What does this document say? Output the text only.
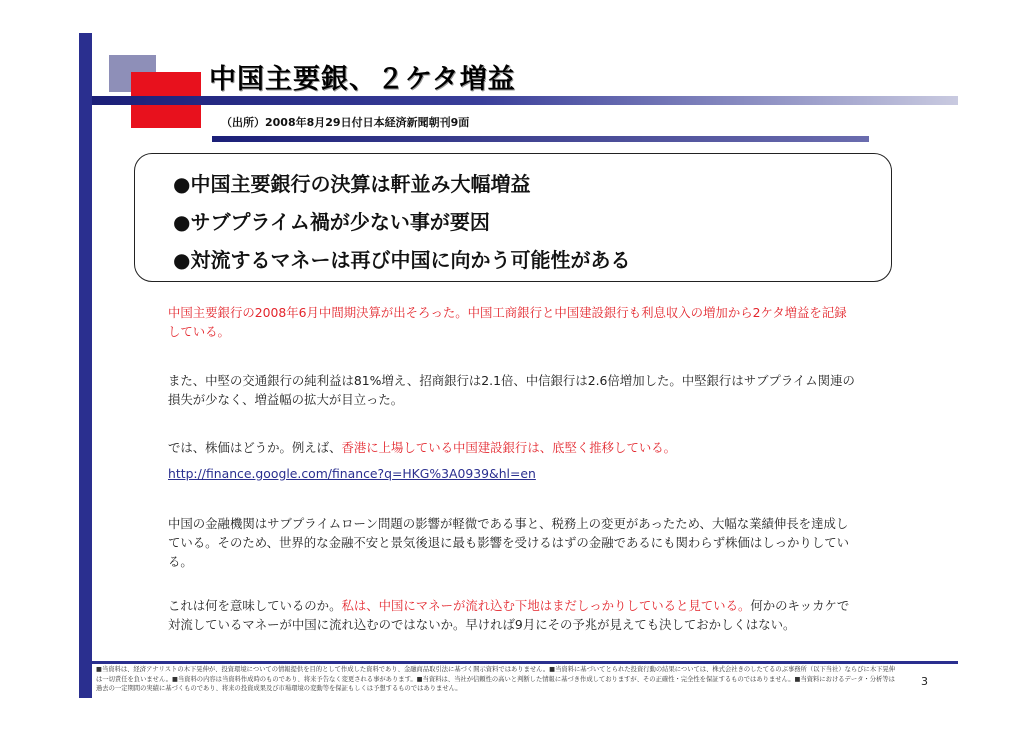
中国主要銀、２ケタ増益
（出所）2008年8月29日付日本経済新聞朝刊9面
●中国主要銀行の決算は軒並み大幅増益
●サブプライム禍が少ない事が要因
●対流するマネーは再び中国に向かう可能性がある

中国主要銀行の2008年6月中間期決算が出そろった。中国工商銀行と中国建設銀行も利息収入の増加から2ケタ増益を記録している。

また、中堅の交通銀行の純利益は81%増え、招商銀行は2.1倍、中信銀行は2.6倍増加した。中堅銀行はサブプライム関連の損失が少なく、増益幅の拡大が目立った。

では、株価はどうか。例えば、香港に上場している中国建設銀行は、底堅く推移している。

http://finance.google.com/finance?q=HKG%3A0939&hl=en

中国の金融機関はサブプライムローン問題の影響が軽微である事と、税務上の変更があったため、大幅な業績伸長を達成している。そのため、世界的な金融不安と景気後退に最も影響を受けるはずの金融であるにも関わらず株価はしっかりしている。

これは何を意味しているのか。私は、中国にマネーが流れ込む下地はまだしっかりしていると見ている。何かのキッカケで対流しているマネーが中国に流れ込むのではないか。早ければ9月にその予兆が見えても決しておかしくはない。

■当資料は、経済アナリストの木下晃伸が、投資環境についての情報提供を目的として作成した資料であり、金融商品取引法に基づく開示資料ではありません。■当資料に基づいてとられた投資行動の結果については、株式会社きのしたてるのぶ事務所（以下当社）ならびに木下晃伸は一切責任を負いません。■当資料の内容は当資料作成時のものであり、将来予告なく変更される事があります。■当資料は、当社が信頼性の高いと判断した情報に基づき作成しておりますが、その正確性・完全性を保証するものではありません。■当資料におけるデータ・分析等は過去の一定期間の実績に基づくものであり、将来の投資成果及び市場環境の変動等を保証もしくは予想するものではありません。

3
